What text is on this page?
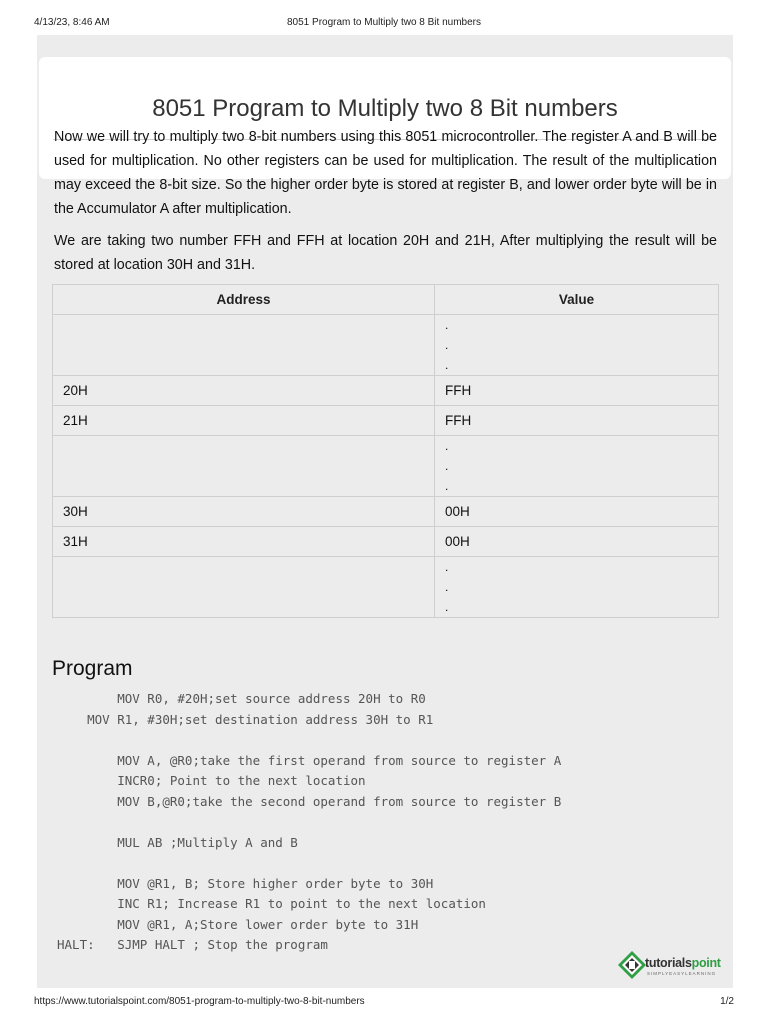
4/13/23, 8:46 AM	8051 Program to Multiply two 8 Bit numbers
8051 Program to Multiply two 8 Bit numbers

Now we will try to multiply two 8-bit numbers using this 8051 microcontroller. The register A and B will be used for multiplication. No other registers can be used for multiplication. The result of the multiplication may exceed the 8-bit size. So the higher order byte is stored at register B, and lower order byte will be in the Accumulator A after multiplication.

We are taking two number FFH and FFH at location 20H and 21H, After multiplying the result will be stored at location 30H and 31H.

Address	Value

	.
.
.

20H	FFH
21H	FFH

	.
.
.

30H	00H
31H	00H

	.
.
.
Program
MOV R0, #20H;set source address 20H to R0
MOV R1, #30H;set destination address 30H to R1

MOV A, @R0;take the first operand from source to register A
INCR0; Point to the next location
MOV B,@R0;take the second operand from source to register B

MUL AB ;Multiply A and B

MOV @R1, B; Store higher order byte to 30H
INC R1; Increase R1 to point to the next location
MOV @R1, A;Store lower order byte to 31H
HALT:   SJMP HALT ; Stop the program
tutorialspoint
SIMPLYEASYLEARNING
https://www.tutorialspoint.com/8051-program-to-multiply-two-8-bit-numbers	1/2
